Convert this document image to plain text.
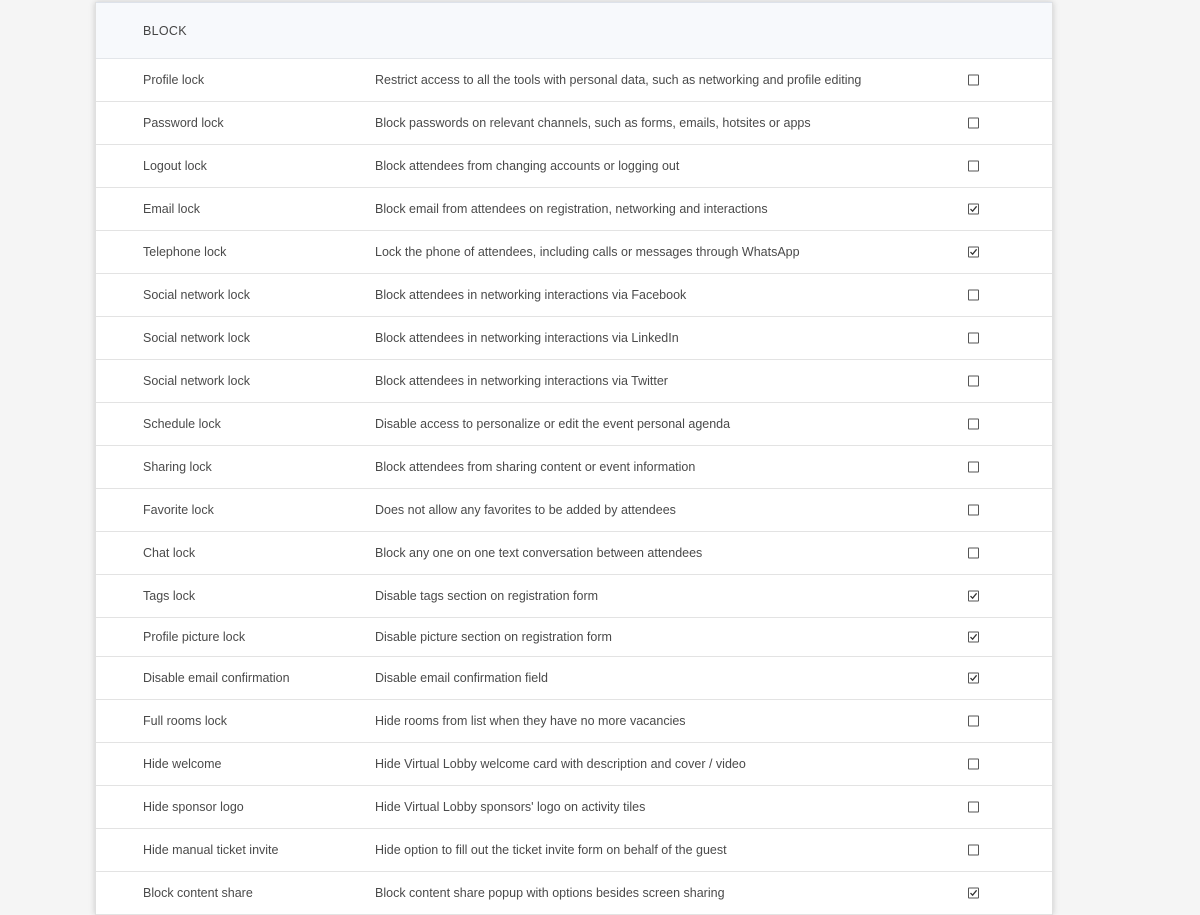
BLOCK
Profile lock	Restrict access to all the tools with personal data, such as networking and profile editing
Password lock	Block passwords on relevant channels, such as forms, emails, hotsites or apps
Logout lock	Block attendees from changing accounts or logging out
Email lock	Block email from attendees on registration, networking and interactions
Telephone lock	Lock the phone of attendees, including calls or messages through WhatsApp
Social network lock	Block attendees in networking interactions via Facebook
Social network lock	Block attendees in networking interactions via LinkedIn
Social network lock	Block attendees in networking interactions via Twitter
Schedule lock	Disable access to personalize or edit the event personal agenda
Sharing lock	Block attendees from sharing content or event information
Favorite lock	Does not allow any favorites to be added by attendees
Chat lock	Block any one on one text conversation between attendees
Tags lock	Disable tags section on registration form
Profile picture lock	Disable picture section on registration form
Disable email confirmation	Disable email confirmation field
Full rooms lock	Hide rooms from list when they have no more vacancies
Hide welcome	Hide Virtual Lobby welcome card with description and cover / video
Hide sponsor logo	Hide Virtual Lobby sponsors' logo on activity tiles
Hide manual ticket invite	Hide option to fill out the ticket invite form on behalf of the guest
Block content share	Block content share popup with options besides screen sharing
